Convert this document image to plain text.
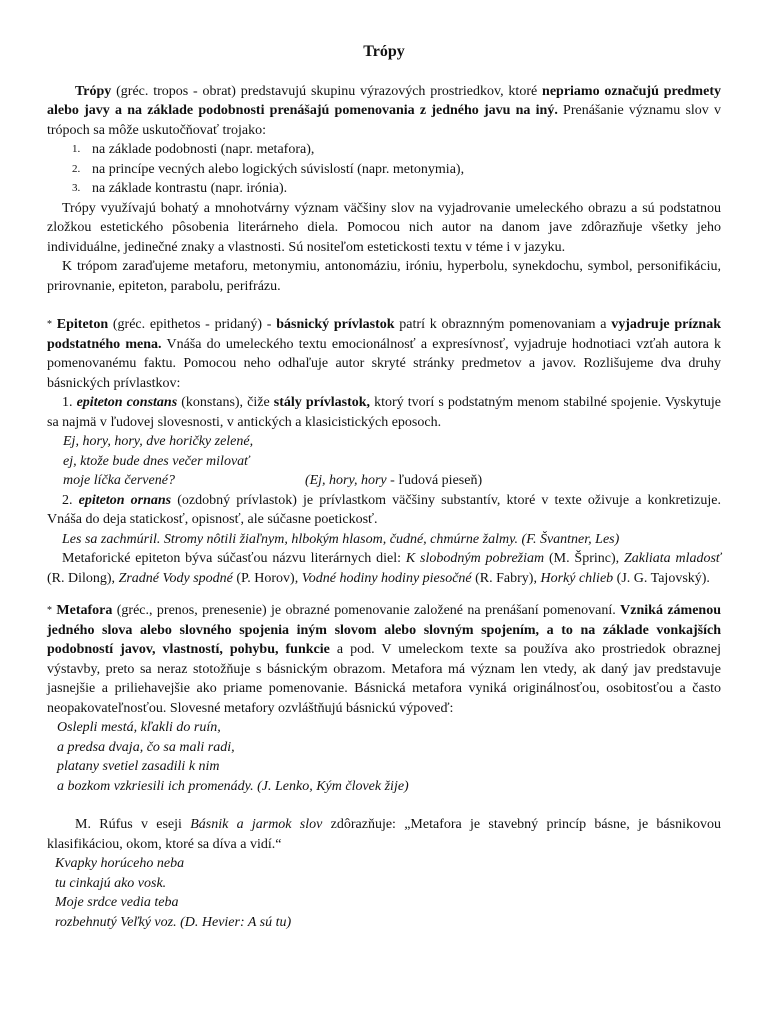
Trópy

Trópy (gréc. tropos - obrat) predstavujú skupinu výrazových prostriedkov, ktoré nepriamo označujú predmety alebo javy a na základe podobnosti prenášajú pomenovania z jedného javu na iný. Prenášanie významu slov v trópoch sa môže uskutočňovať trojako:

1. na základe podobnosti (napr. metafora),
2. na princípe vecných alebo logických súvislostí (napr. metonymia),
3. na základe kontrastu (napr. irónia).

Trópy využívajú bohatý a mnohotvárny význam väčšiny slov na vyjadrovanie umeleckého obrazu a sú podstatnou zložkou estetického pôsobenia literárneho diela. Pomocou nich autor na danom jave zdôrazňuje všetky jeho individuálne, jedinečné znaky a vlastnosti. Sú nositeľom estetickosti textu v téme i v jazyku.

K trópom zaraďujeme metaforu, metonymiu, antonomáziu, iróniu, hyperbolu, synekdochu, symbol, personifikáciu, prirovnanie, epiteton, parabolu, perifrázu.

* Epiteton (gréc. epithetos - pridaný) - básnický prívlastok patrí k obraznným pomenovaniam a vyjadruje príznak podstatného mena. Vnáša do umeleckého textu emocionálnosť a expresívnosť, vyjadruje hodnotiaci vzťah autora k pomenovanému faktu. Pomocou neho odhaľuje autor skryté stránky predmetov a javov. Rozlišujeme dva druhy básnických prívlastkov:

1. epiteton constans (konstans), čiže stály prívlastok, ktorý tvorí s podstatným menom stabilné spojenie. Vyskytuje sa najmä v ľudovej slovesnosti, v antických a klasicistických eposoch.

Ej, hory, hory, dve horičky zelené,

ej, ktože bude dnes večer milovať

moje líčka červené?	(Ej, hory, hory - ľudová pieseň)

2. epiteton ornans (ozdobný prívlastok) je prívlastkom väčšiny substantív, ktoré v texte oživuje a konkretizuje. Vnáša do deja statickosť, opisnosť, ale súčasne poetickosť.

Les sa zachmúril. Stromy nôtili žiaľnym, hlbokým hlasom, čudné, chmúrne žalmy. (F. Švantner, Les)

Metaforické epiteton býva súčasťou názvu literárnych diel: K slobodným pobrežiam (M. Šprinc), Zakliata mladosť (R. Dilong), Zradné Vody spodné (P. Horov), Vodné hodiny hodiny piesočné (R. Fabry), Horký chlieb (J. G. Tajovský).

* Metafora (gréc., prenos, prenesenie) je obrazné pomenovanie založené na prenášaní pomenovaní. Vzniká zámenou jedného slova alebo slovného spojenia iným slovom alebo slovným spojením, a to na základe vonkajších podobností javov, vlastností, pohybu, funkcie a pod. V umeleckom texte sa používa ako prostriedok obraznej výstavby, preto sa neraz stotožňuje s básnickým obrazom. Metafora má význam len vtedy, ak daný jav predstavuje jasnejšie a priliehavejšie ako priame pomenovanie. Básnická metafora vyniká originálnosťou, osobitosťou a často neopakovateľnosťou. Slovesné metafory ozvláštňujú básnickú výpoveď:

Oslepli mestá, kľakli do ruín,

a predsa dvaja, čo sa mali radi,

platany svetiel zasadili k nim

a bozkom vzkriesili ich promenády. (J. Lenko, Kým človek žije)

M. Rúfus v eseji Básnik a jarmok slov zdôrazňuje: „Metafora je stavebný princíp básne, je básnikovou klasifikáciou, okom, ktoré sa díva a vidí.“

Kvapky horúceho neba

tu cinkajú ako vosk.

Moje srdce vedia teba

rozbehnutý Veľký voz. (D. Hevier: A sú tu)
